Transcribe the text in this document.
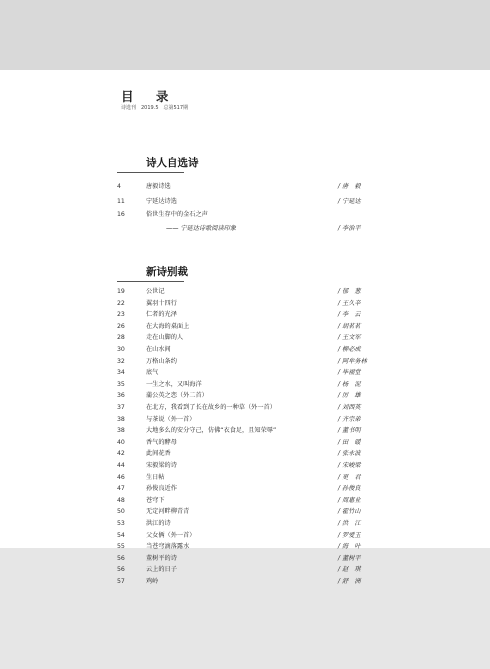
目 录
诗选刊　2019.5　总第517期
诗人自选诗
4	唐毅诗选	/ 唐　毅
11	宁延达诗选	/ 宁延达
16	俗世生存中的金石之声
—— 宁延达诗歌阅读印象	/ 李治平
新诗别裁
19	公世记	/ 郁　葱
22	翼羽十四行	/ 王久辛
23	仁者的光泽	/ 李　云
26	在大海的桌面上	/ 胡茗茗
28	走在山脚的人	/ 王文军
30	在山水间	/ 柳必成
32	万格山条约	/ 阿牟务林
34	底气	/ 毕福堂
35	一生之水，又叫海洋	/ 杨　泥
36	蒲公英之恋（外二首）	/ 厉　雄
37	在北方，我看到了长在故乡的一种草（外一首）	/ 刘西英
38	与茶说（外一首）	/ 齐宗弟
38	大地多么的安分守己，仿佛“衣食足，且知荣辱”	/ 董书明
40	香气的酵母	/ 田　暖
42	此间花香	/ 张永波
44	宋毅梁的诗	/ 宋峻梁
46	生日帖	/ 更　君
47	孙俊良近作	/ 孙俊良
48	苍穹下	/ 周惠业
50	无定河畔柳青青	/ 霍竹山
53	洪江的诗	/ 洪　江
54	父女俩（外一首）	/ 罗爱玉
55	当苍穹滴落露水	/ 海　叶
56	董树平的诗	/ 董树平
56	云上的日子	/ 赵　琪
57	鸡岭	/ 舒　洲
